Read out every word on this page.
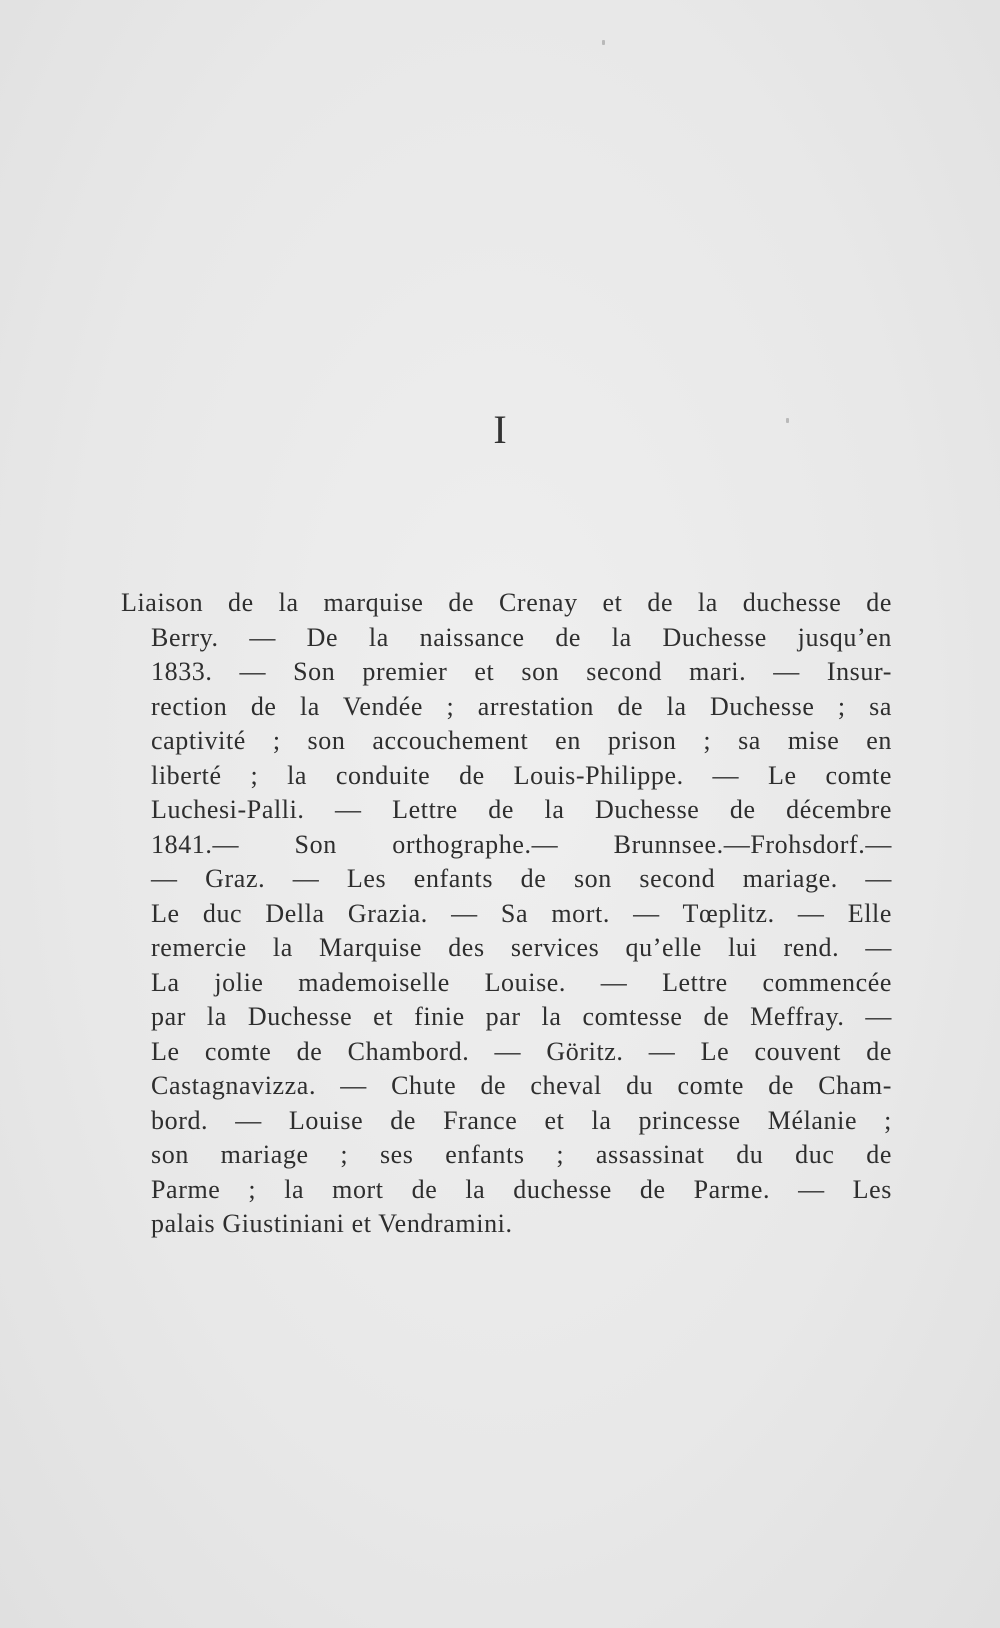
I
Liaison de la marquise de Crenay et de la duchesse de
Berry. — De la naissance de la Duchesse jusqu’en
1833. — Son premier et son second mari. — Insur-
rection de la Vendée ; arrestation de la Duchesse ; sa
captivité ; son accouchement en prison ; sa mise en
liberté ; la conduite de Louis-Philippe. — Le comte
Luchesi-Palli. — Lettre de la Duchesse de décembre
1841.— Son orthographe.— Brunnsee.—Frohsdorf.—
— Graz. — Les enfants de son second mariage. —
Le duc Della Grazia. — Sa mort. — Tœplitz. — Elle
remercie la Marquise des services qu’elle lui rend. —
La jolie mademoiselle Louise. — Lettre commencée
par la Duchesse et finie par la comtesse de Meffray. —
Le comte de Chambord. — Göritz. — Le couvent de
Castagnavizza. — Chute de cheval du comte de Cham-
bord. — Louise de France et la princesse Mélanie ;
son mariage ; ses enfants ; assassinat du duc de
Parme ; la mort de la duchesse de Parme. — Les
palais Giustiniani et Vendramini.
